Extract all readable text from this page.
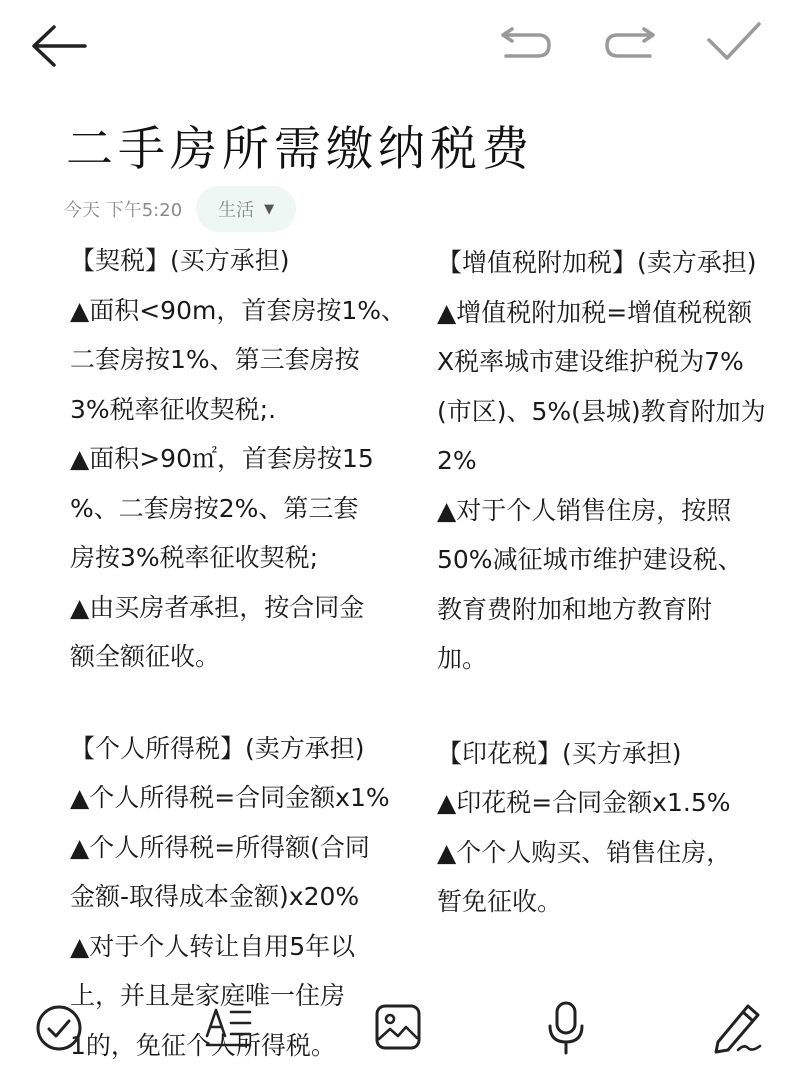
二手房所需缴纳税费
今天 下午5:20 生活 ▼
【契税】(买方承担)
▲面积<90m，首套房按1%、
二套房按1%、第三套房按
3%税率征收契税;.
▲面积>90㎡，首套房按15
%、二套房按2%、第三套
房按3%税率征收契税;
▲由买房者承担，按合同金
额全额征收。
【个人所得税】(卖方承担)
▲个人所得税=合同金额x1%
▲个人所得税=所得额(合同
金额-取得成本金额)x20%
▲对于个人转让自用5年以
上，并且是家庭唯一住房
1的，免征个人所得税。
【增值税附加税】(卖方承担)
▲增值税附加税=增值税税额
X税率城市建设维护税为7%
(市区)、5%(县城)教育附加为
2%
▲对于个人销售住房，按照
50%减征城市维护建设税、
教育费附加和地方教育附
加。
【印花税】(买方承担)
▲印花税=合同金额x1.5%
▲个个人购买、销售住房，
暂免征收。
